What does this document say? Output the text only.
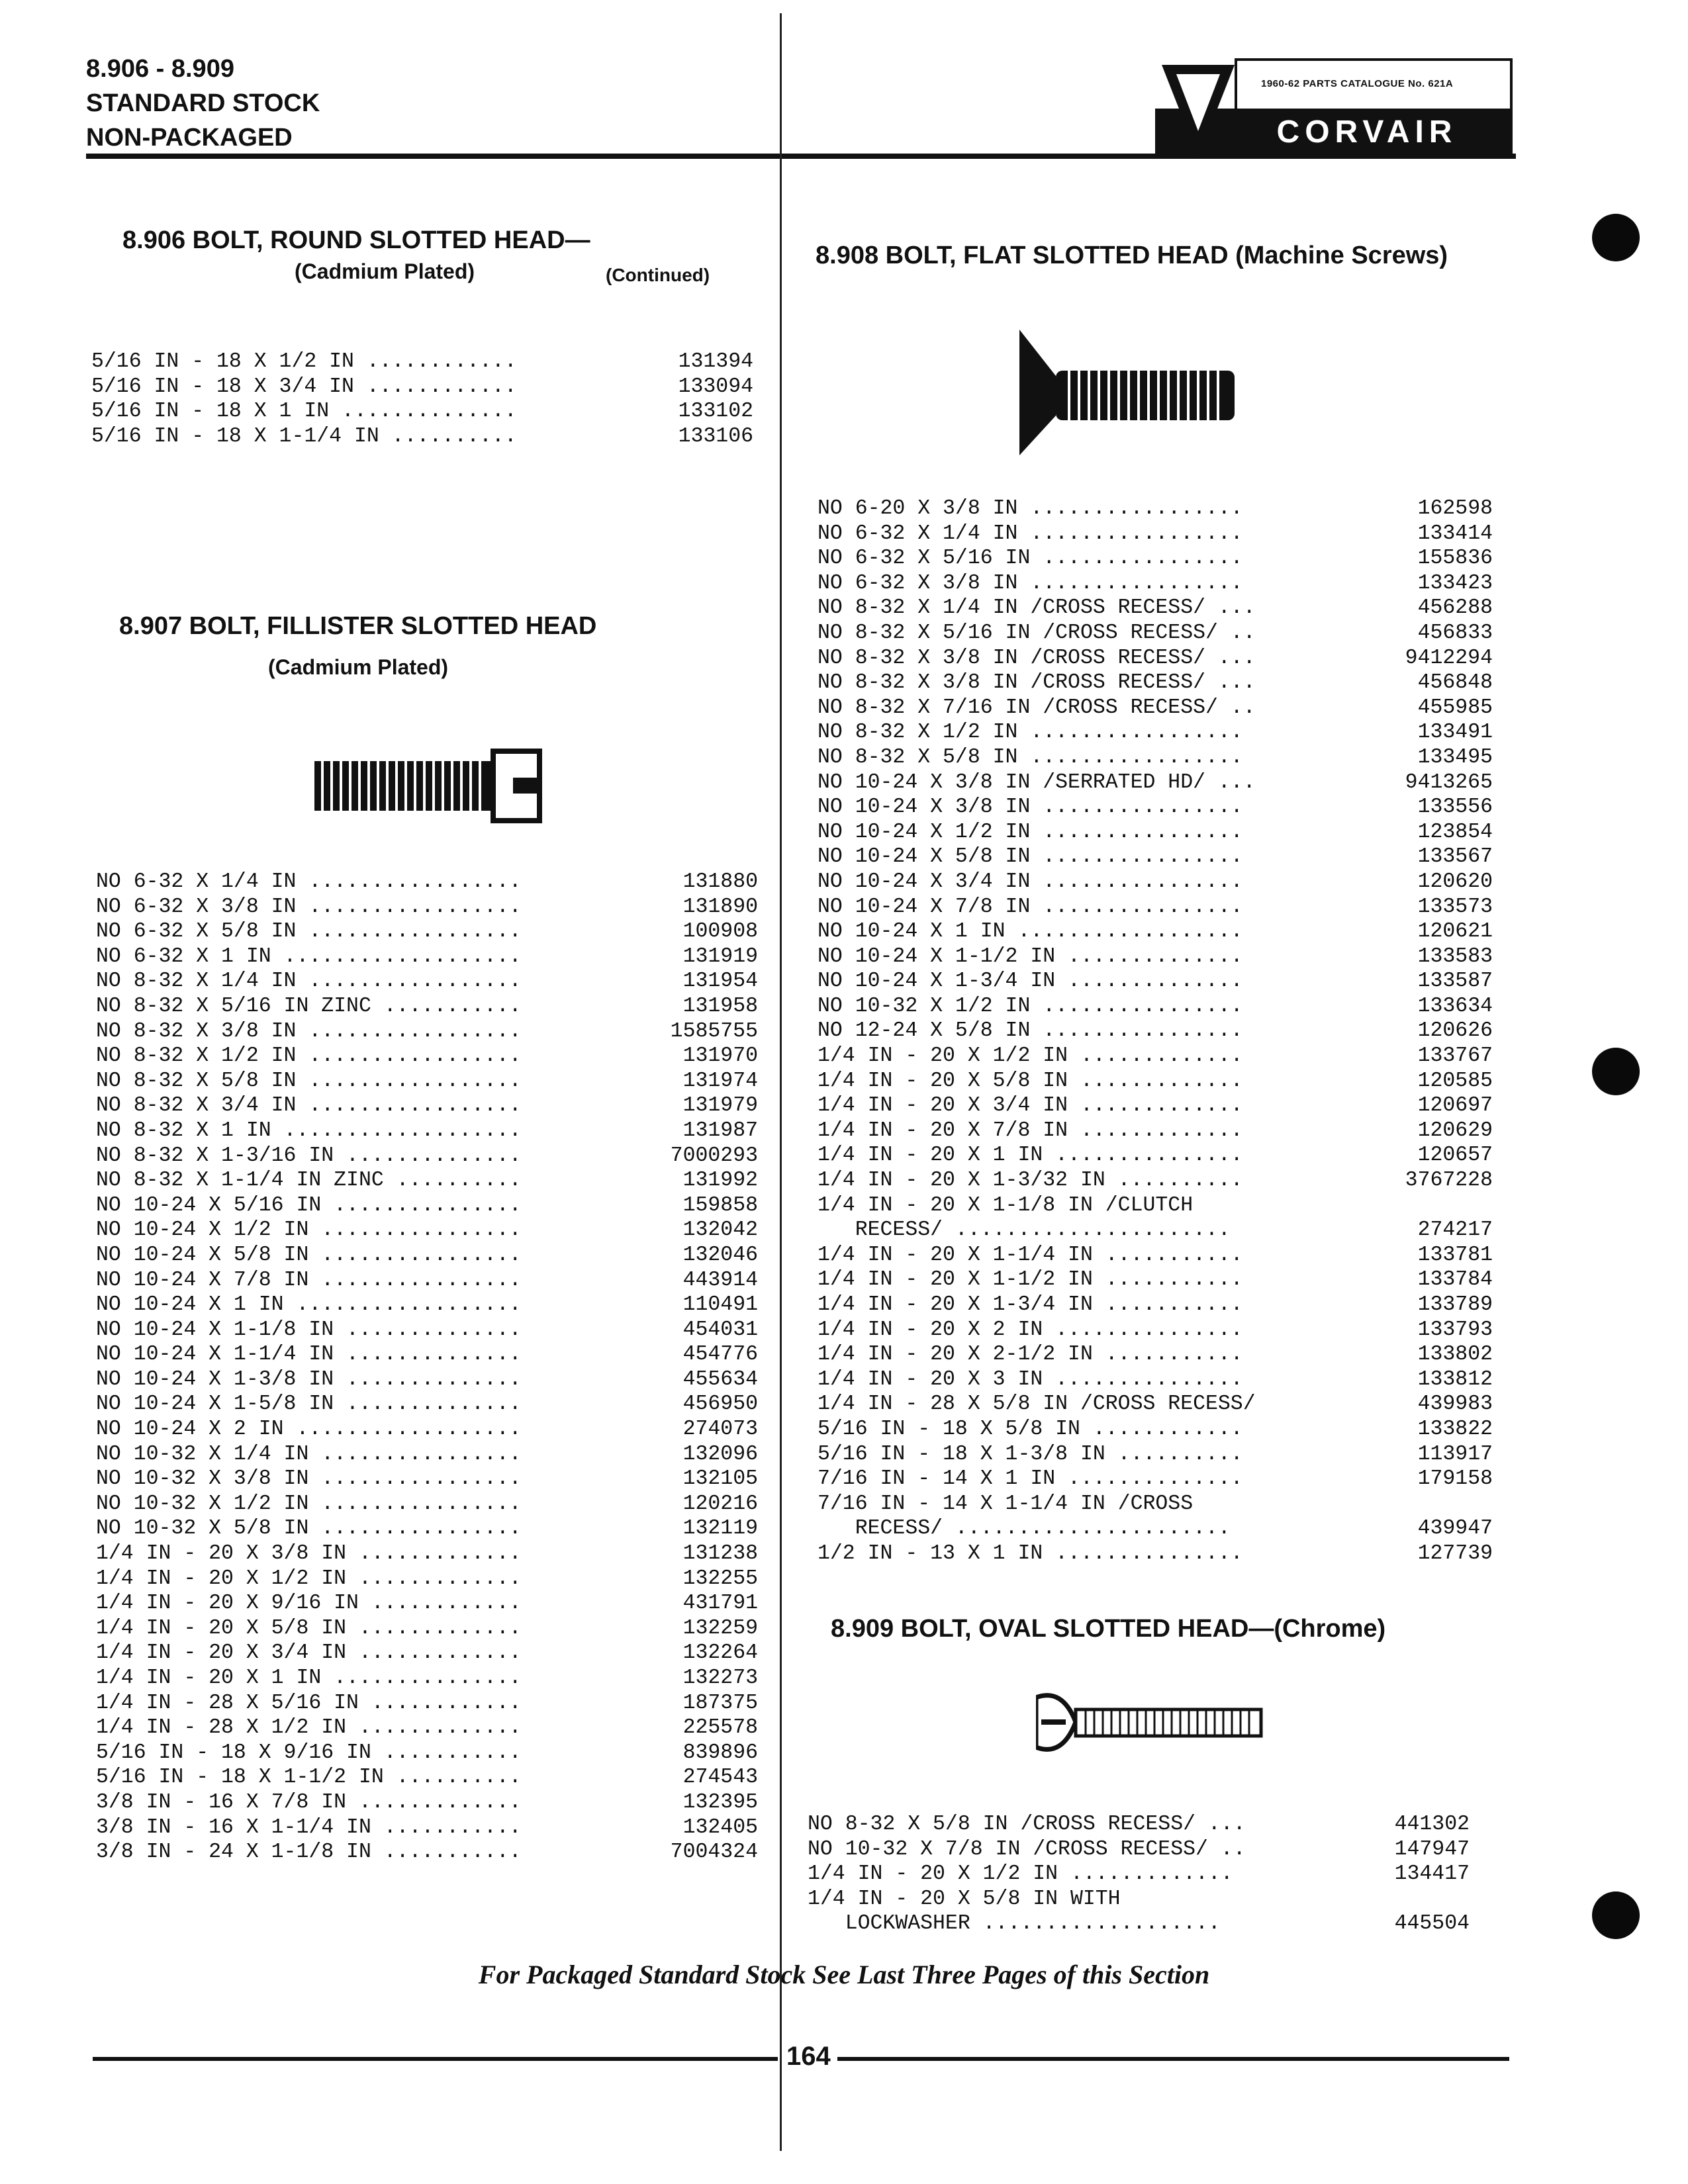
8.906 - 8.909
STANDARD STOCK
NON-PACKAGED
1960-62 PARTS CATALOGUE No. 621A
CORVAIR
8.906 BOLT, ROUND SLOTTED HEAD—
(Cadmium Plated)	(Continued)
5/16 IN - 18 X 1/2 IN ............	131394
5/16 IN - 18 X 3/4 IN ............	133094
5/16 IN - 18 X 1 IN ..............	133102
5/16 IN - 18 X 1-1/4 IN ..........	133106
8.907 BOLT, FILLISTER SLOTTED HEAD
(Cadmium Plated)
NO 6-32 X 1/4 IN .................	131880
NO 6-32 X 3/8 IN .................	131890
NO 6-32 X 5/8 IN .................	100908
NO 6-32 X 1 IN ...................	131919
NO 8-32 X 1/4 IN .................	131954
NO 8-32 X 5/16 IN ZINC ...........	131958
NO 8-32 X 3/8 IN .................	1585755
NO 8-32 X 1/2 IN .................	131970
NO 8-32 X 5/8 IN .................	131974
NO 8-32 X 3/4 IN .................	131979
NO 8-32 X 1 IN ...................	131987
NO 8-32 X 1-3/16 IN ..............	7000293
NO 8-32 X 1-1/4 IN ZINC ..........	131992
NO 10-24 X 5/16 IN ...............	159858
NO 10-24 X 1/2 IN ................	132042
NO 10-24 X 5/8 IN ................	132046
NO 10-24 X 7/8 IN ................	443914
NO 10-24 X 1 IN ..................	110491
NO 10-24 X 1-1/8 IN ..............	454031
NO 10-24 X 1-1/4 IN ..............	454776
NO 10-24 X 1-3/8 IN ..............	455634
NO 10-24 X 1-5/8 IN ..............	456950
NO 10-24 X 2 IN ..................	274073
NO 10-32 X 1/4 IN ................	132096
NO 10-32 X 3/8 IN ................	132105
NO 10-32 X 1/2 IN ................	120216
NO 10-32 X 5/8 IN ................	132119
1/4 IN - 20 X 3/8 IN .............	131238
1/4 IN - 20 X 1/2 IN .............	132255
1/4 IN - 20 X 9/16 IN ............	431791
1/4 IN - 20 X 5/8 IN .............	132259
1/4 IN - 20 X 3/4 IN .............	132264
1/4 IN - 20 X 1 IN ...............	132273
1/4 IN - 28 X 5/16 IN ............	187375
1/4 IN - 28 X 1/2 IN .............	225578
5/16 IN - 18 X 9/16 IN ...........	839896
5/16 IN - 18 X 1-1/2 IN ..........	274543
3/8 IN - 16 X 7/8 IN .............	132395
3/8 IN - 16 X 1-1/4 IN ...........	132405
3/8 IN - 24 X 1-1/8 IN ...........	7004324
8.908 BOLT, FLAT SLOTTED HEAD (Machine Screws)
NO 6-20 X 3/8 IN .................	162598
NO 6-32 X 1/4 IN .................	133414
NO 6-32 X 5/16 IN ................	155836
NO 6-32 X 3/8 IN .................	133423
NO 8-32 X 1/4 IN /CROSS RECESS/ ...	456288
NO 8-32 X 5/16 IN /CROSS RECESS/ ..	456833
NO 8-32 X 3/8 IN /CROSS RECESS/ ...	9412294
NO 8-32 X 3/8 IN /CROSS RECESS/ ...	456848
NO 8-32 X 7/16 IN /CROSS RECESS/ ..	455985
NO 8-32 X 1/2 IN .................	133491
NO 8-32 X 5/8 IN .................	133495
NO 10-24 X 3/8 IN /SERRATED HD/ ...	9413265
NO 10-24 X 3/8 IN ................	133556
NO 10-24 X 1/2 IN ................	123854
NO 10-24 X 5/8 IN ................	133567
NO 10-24 X 3/4 IN ................	120620
NO 10-24 X 7/8 IN ................	133573
NO 10-24 X 1 IN ..................	120621
NO 10-24 X 1-1/2 IN ..............	133583
NO 10-24 X 1-3/4 IN ..............	133587
NO 10-32 X 1/2 IN ................	133634
NO 12-24 X 5/8 IN ................	120626
1/4 IN - 20 X 1/2 IN .............	133767
1/4 IN - 20 X 5/8 IN .............	120585
1/4 IN - 20 X 3/4 IN .............	120697
1/4 IN - 20 X 7/8 IN .............	120629
1/4 IN - 20 X 1 IN ...............	120657
1/4 IN - 20 X 1-3/32 IN ..........	3767228
1/4 IN - 20 X 1-1/8 IN /CLUTCH
RECESS/ ......................	274217
1/4 IN - 20 X 1-1/4 IN ...........	133781
1/4 IN - 20 X 1-1/2 IN ...........	133784
1/4 IN - 20 X 1-3/4 IN ...........	133789
1/4 IN - 20 X 2 IN ...............	133793
1/4 IN - 20 X 2-1/2 IN ...........	133802
1/4 IN - 20 X 3 IN ...............	133812
1/4 IN - 28 X 5/8 IN /CROSS RECESS/	439983
5/16 IN - 18 X 5/8 IN ............	133822
5/16 IN - 18 X 1-3/8 IN ..........	113917
7/16 IN - 14 X 1 IN ..............	179158
7/16 IN - 14 X 1-1/4 IN /CROSS
RECESS/ ......................	439947
1/2 IN - 13 X 1 IN ...............	127739
8.909 BOLT, OVAL SLOTTED HEAD—(Chrome)
NO 8-32 X 5/8 IN /CROSS RECESS/ ...	441302
NO 10-32 X 7/8 IN /CROSS RECESS/ ..	147947
1/4 IN - 20 X 1/2 IN .............	134417
1/4 IN - 20 X 5/8 IN WITH
LOCKWASHER ...................	445504
For Packaged Standard Stock See Last Three Pages of this Section
164
